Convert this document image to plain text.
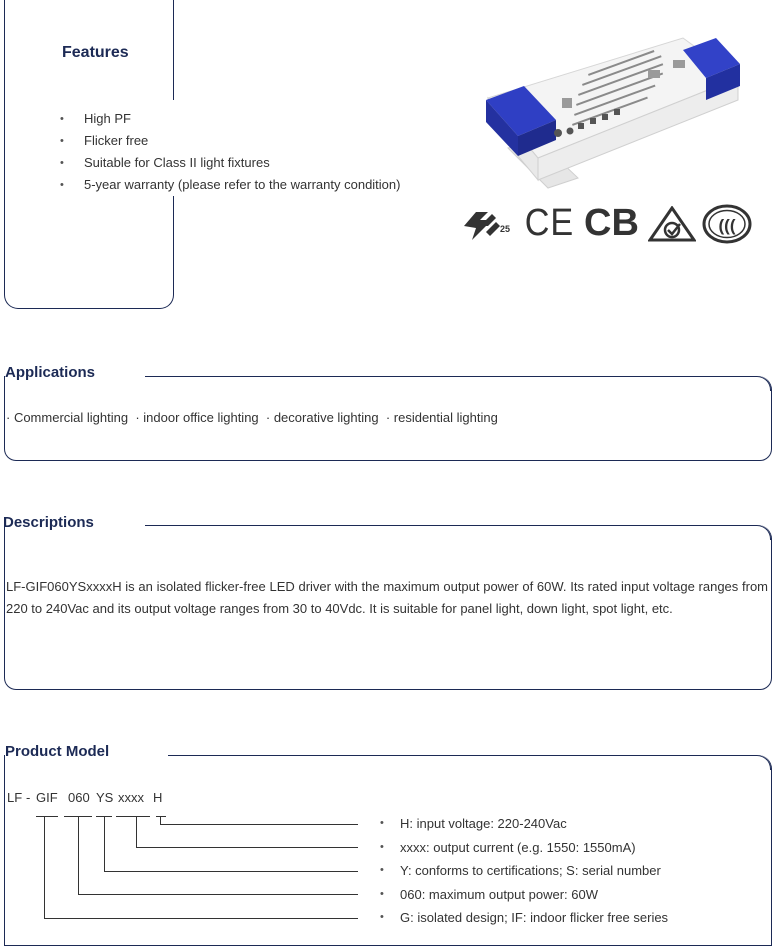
Features
• High PF
• Flicker free
• Suitable for Class II light fixtures
• 5-year warranty (please refer to the warranty condition)
25 CE CB	(((
Applications
· Commercial lighting  · indoor office lighting  · decorative lighting  · residential lighting
Descriptions
LF-GIF060YSxxxxH is an isolated flicker-free LED driver with the maximum output power of 60W. Its rated input voltage ranges from 220 to 240Vac and its output voltage ranges from 30 to 40Vdc. It is suitable for panel light, down light, spot light, etc.
Product Model
LF - GIF 060 YS xxxx H
• H: input voltage: 220-240Vac
• xxxx: output current (e.g. 1550: 1550mA)
• Y: conforms to certifications; S: serial number
• 060: maximum output power: 60W
• G: isolated design; IF: indoor flicker free series
